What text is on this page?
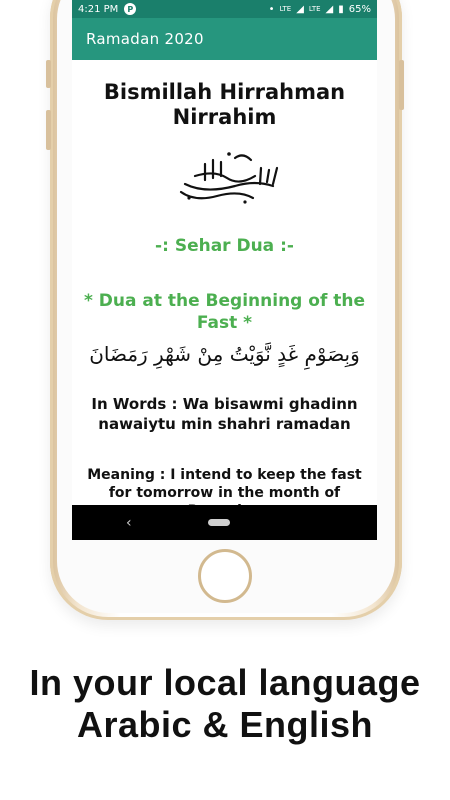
4:21 PM	P	• LTE ◢ LTE ◢ ▮ 65%
Ramadan 2020
Bismillah Hirrahman Nirrahim
-: Sehar Dua :-
* Dua at the Beginning of the Fast *
وَبِصَوْمِ غَدٍ نَّوَيْتُ مِنْ شَهْرِ رَمَضَانَ
In Words : Wa bisawmi ghadinn nawaiytu min shahri ramadan
Meaning : I intend to keep the fast for tomorrow in the month of
‹
In your local language
Arabic & English
